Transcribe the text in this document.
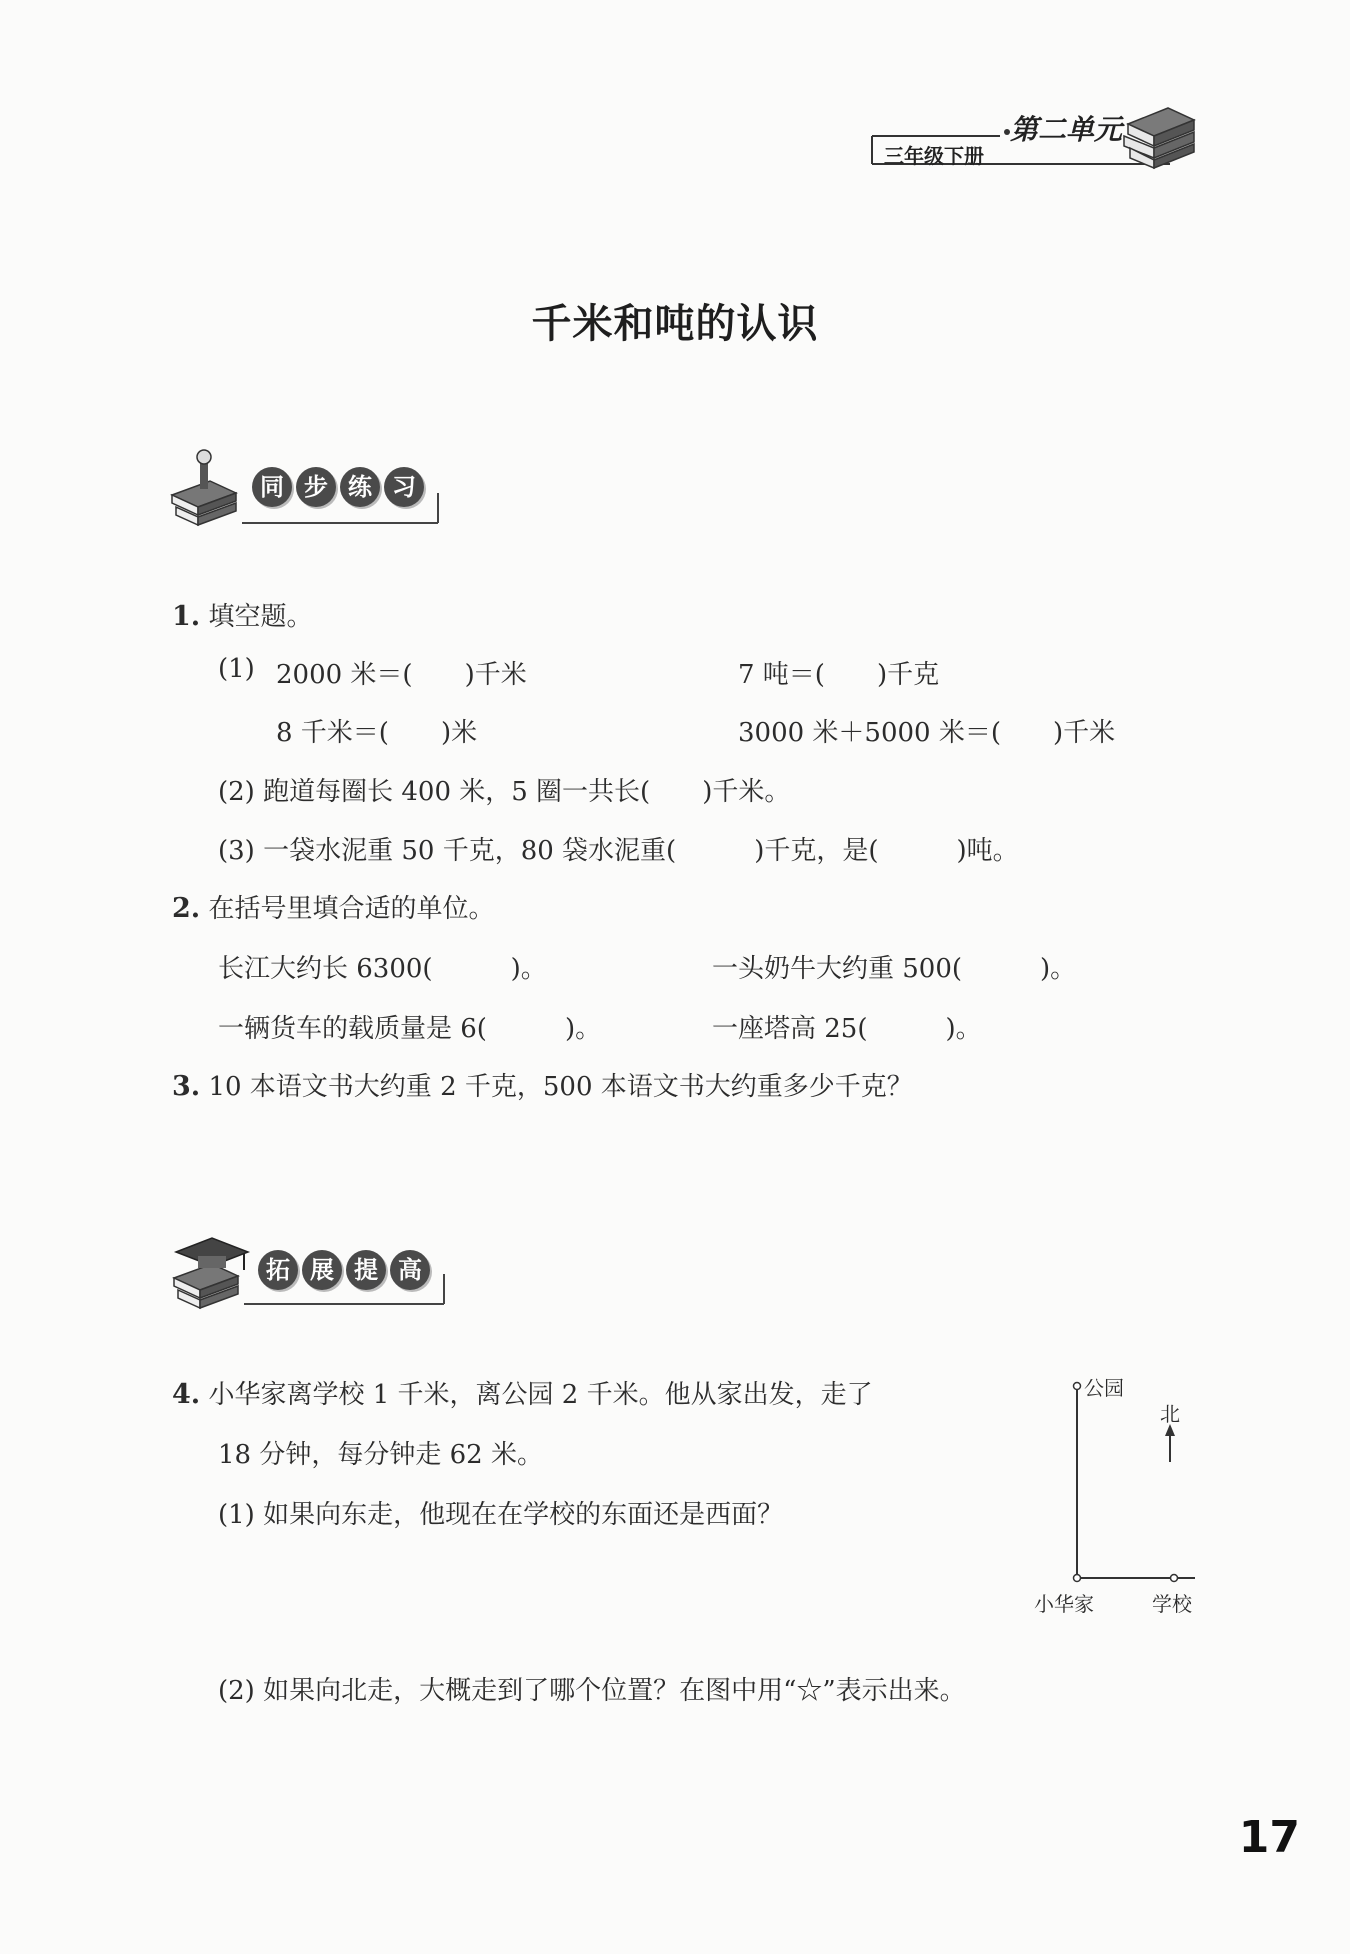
第二单元
三年级下册
千米和吨的认识
同 步 练 习
1. 填空题。
(1) 2000 米＝(　　)千米	7 吨＝(　　)千克
8 千米＝(　　)米	3000 米＋5000 米＝(　　)千米
(2) 跑道每圈长 400 米，5 圈一共长(　　)千米。
(3) 一袋水泥重 50 千克，80 袋水泥重(　　　)千克，是(　　　)吨。
2. 在括号里填合适的单位。
长江大约长 6300(　　　)。	一头奶牛大约重 500(　　　)。
一辆货车的载质量是 6(　　　)。	一座塔高 25(　　　)。
3. 10 本语文书大约重 2 千克，500 本语文书大约重多少千克？
拓 展 提 高
4. 小华家离学校 1 千米，离公园 2 千米。他从家出发，走了
18 分钟，每分钟走 62 米。
(1) 如果向东走，他现在在学校的东面还是西面？
(2) 如果向北走，大概走到了哪个位置？在图中用“☆”表示出来。
公园
北
小华家	学校
17
